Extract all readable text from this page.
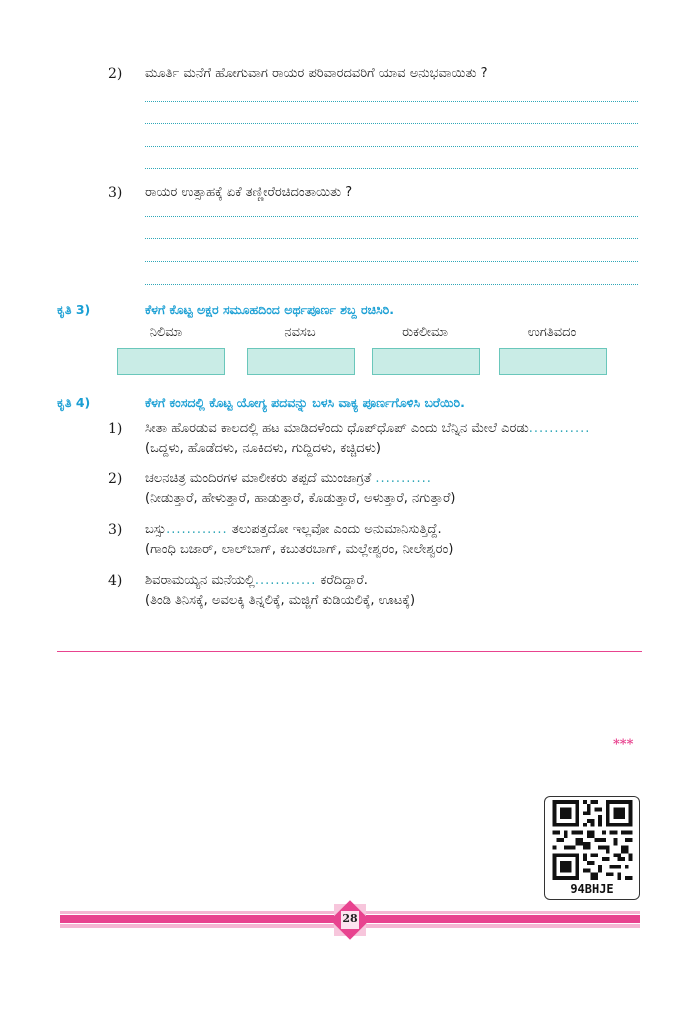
2) ಮೂರ್ತಿ ಮನೆಗೆ ಹೋಗುವಾಗ ರಾಯರ ಪರಿವಾರದವರಿಗೆ ಯಾವ ಅನುಭವಾಯಿತು ?
3) ರಾಯರ ಉತ್ಸಾಹಕ್ಕೆ ಏಕೆ ತಣ್ಣೀರೆರಚಿದಂತಾಯಿತು ?
ಕೃತಿ 3)	ಕೆಳಗೆ ಕೊಟ್ಟ ಅಕ್ಷರ ಸಮೂಹದಿಂದ ಅರ್ಥಪೂರ್ಣ ಶಬ್ದ ರಚಿಸಿರಿ.
ನಿಲಿಮಾ	ನವಸಬ	ರುಕಲೀಮಾ	ಉಗತಿವದಂ
ಕೃತಿ 4)	ಕೆಳಗೆ ಕಂಸದಲ್ಲಿ ಕೊಟ್ಟ ಯೋಗ್ಯ ಪದವನ್ನು ಬಳಸಿ ವಾಕ್ಯ ಪೂರ್ಣಗೊಳಿಸಿ ಬರೆಯಿರಿ.
1) ಸೀತಾ ಹೊರಡುವ ಕಾಲದಲ್ಲಿ ಹಟ ಮಾಡಿದಳೆಂದು ಧೊಪ್‌ಧೊಪ್ ಎಂದು ಬೆನ್ನಿನ ಮೇಲೆ ಎರಡು............
(ಒದ್ದಳು, ಹೊಡೆದಳು, ನೂಕಿದಳು, ಗುದ್ದಿದಳು, ಕಚ್ಚಿದಳು)
2) ಚಲನಚಿತ್ರ ಮಂದಿರಗಳ ಮಾಲೀಕರು ತಪ್ಪದೆ ಮುಂಜಾಗ್ರತೆ ...........
(ನೀಡುತ್ತಾರೆ, ಹೇಳುತ್ತಾರೆ, ಹಾಡುತ್ತಾರೆ, ಕೊಡುತ್ತಾರೆ, ಅಳುತ್ತಾರೆ, ನಗುತ್ತಾರೆ)
3) ಬಸ್ಸು............ ತಲುಪತ್ತದೋ ಇಲ್ಲವೋ ಎಂದು ಅನುಮಾನಿಸುತ್ತಿದ್ದೆ.
(ಗಾಂಧಿ ಬಜಾರ್, ಲಾಲ್‌ಬಾಗ್, ಕಬುತರಬಾಗ್, ಮಲ್ಲೇಶ್ವರಂ, ನೀಲೇಶ್ವರಂ)
4) ಶಿವರಾಮಯ್ಯನ ಮನೆಯಲ್ಲಿ............ ಕರೆದಿದ್ದಾರೆ.
(ತಿಂಡಿ ತಿನಿಸಕ್ಕೆ, ಅವಲಕ್ಕಿ ತಿನ್ನಲಿಕ್ಕೆ, ಮಜ್ಜಿಗೆ ಕುಡಿಯಲಿಕ್ಕೆ, ಊಟಕ್ಕೆ)
***
94BHJE
28
